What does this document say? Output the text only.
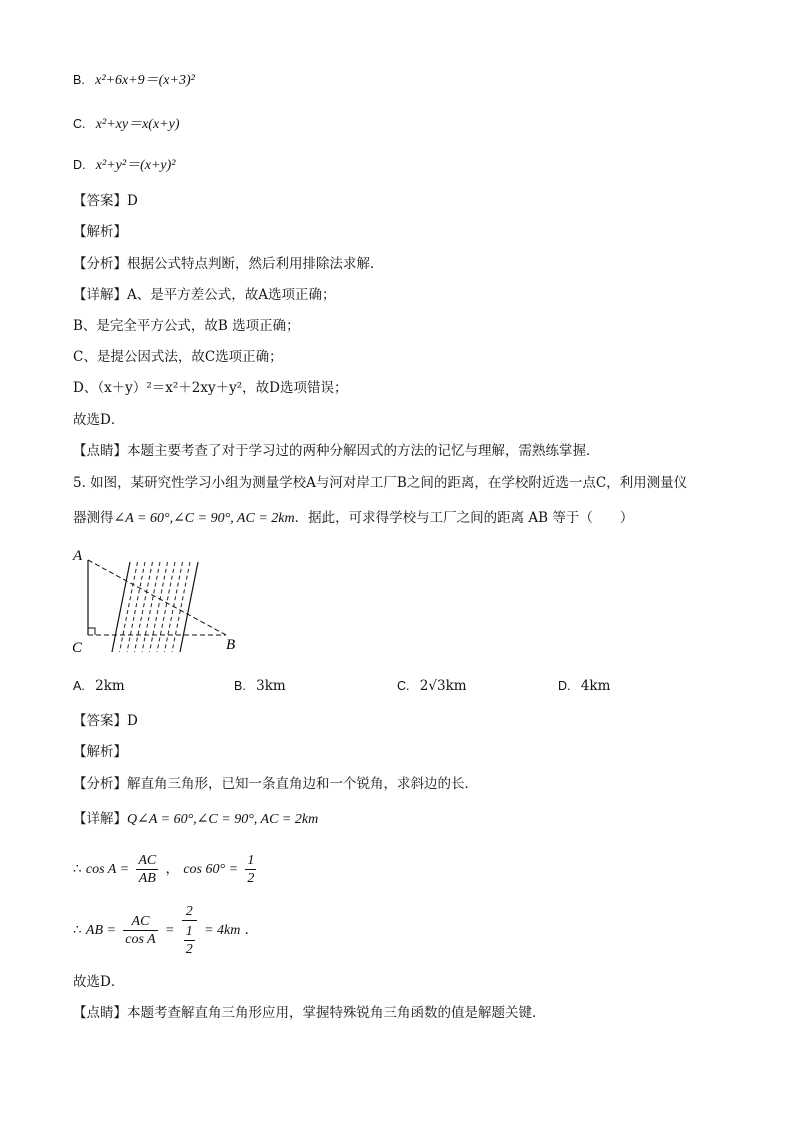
B. x²+6x+9＝(x+3)²
C. x²+xy＝x(x+y)
D. x²+y²＝(x+y)²
【答案】D
【解析】
【分析】根据公式特点判断，然后利用排除法求解．
【详解】A、是平方差公式，故A选项正确；
B、是完全平方公式，故B 选项正确；
C、是提公因式法，故C选项正确；
D、（x＋y）²＝x²＋2xy＋y²，故D选项错误；
故选D．
【点睛】本题主要考查了对于学习过的两种分解因式的方法的记忆与理解，需熟练掌握．
5. 如图，某研究性学习小组为测量学校A与河对岸工厂B之间的距离，在学校附近选一点C，利用测量仪
器测得∠A = 60°,∠C = 90°, AC = 2km．据此，可求得学校与工厂之间的距离 AB 等于（　　）
A
C	B
A. 2km	B. 3km	C. 2√3km	D. 4km
【答案】D
【解析】
【分析】解直角三角形，已知一条直角边和一个锐角，求斜边的长．
【详解】Q∠A = 60°,∠C = 90°, AC = 2km
∴ $\cos A = \frac{AC}{AB}$ ， $\cos 60^\circ = \frac{1}{2}$
∴ AB = $\frac{AC}{\text{cos A}} = \frac{2}{\frac{1}{2}} = 4km$ ．
故选D．
【点睛】本题考查解直角三角形应用，掌握特殊锐角三角函数的值是解题关键．
